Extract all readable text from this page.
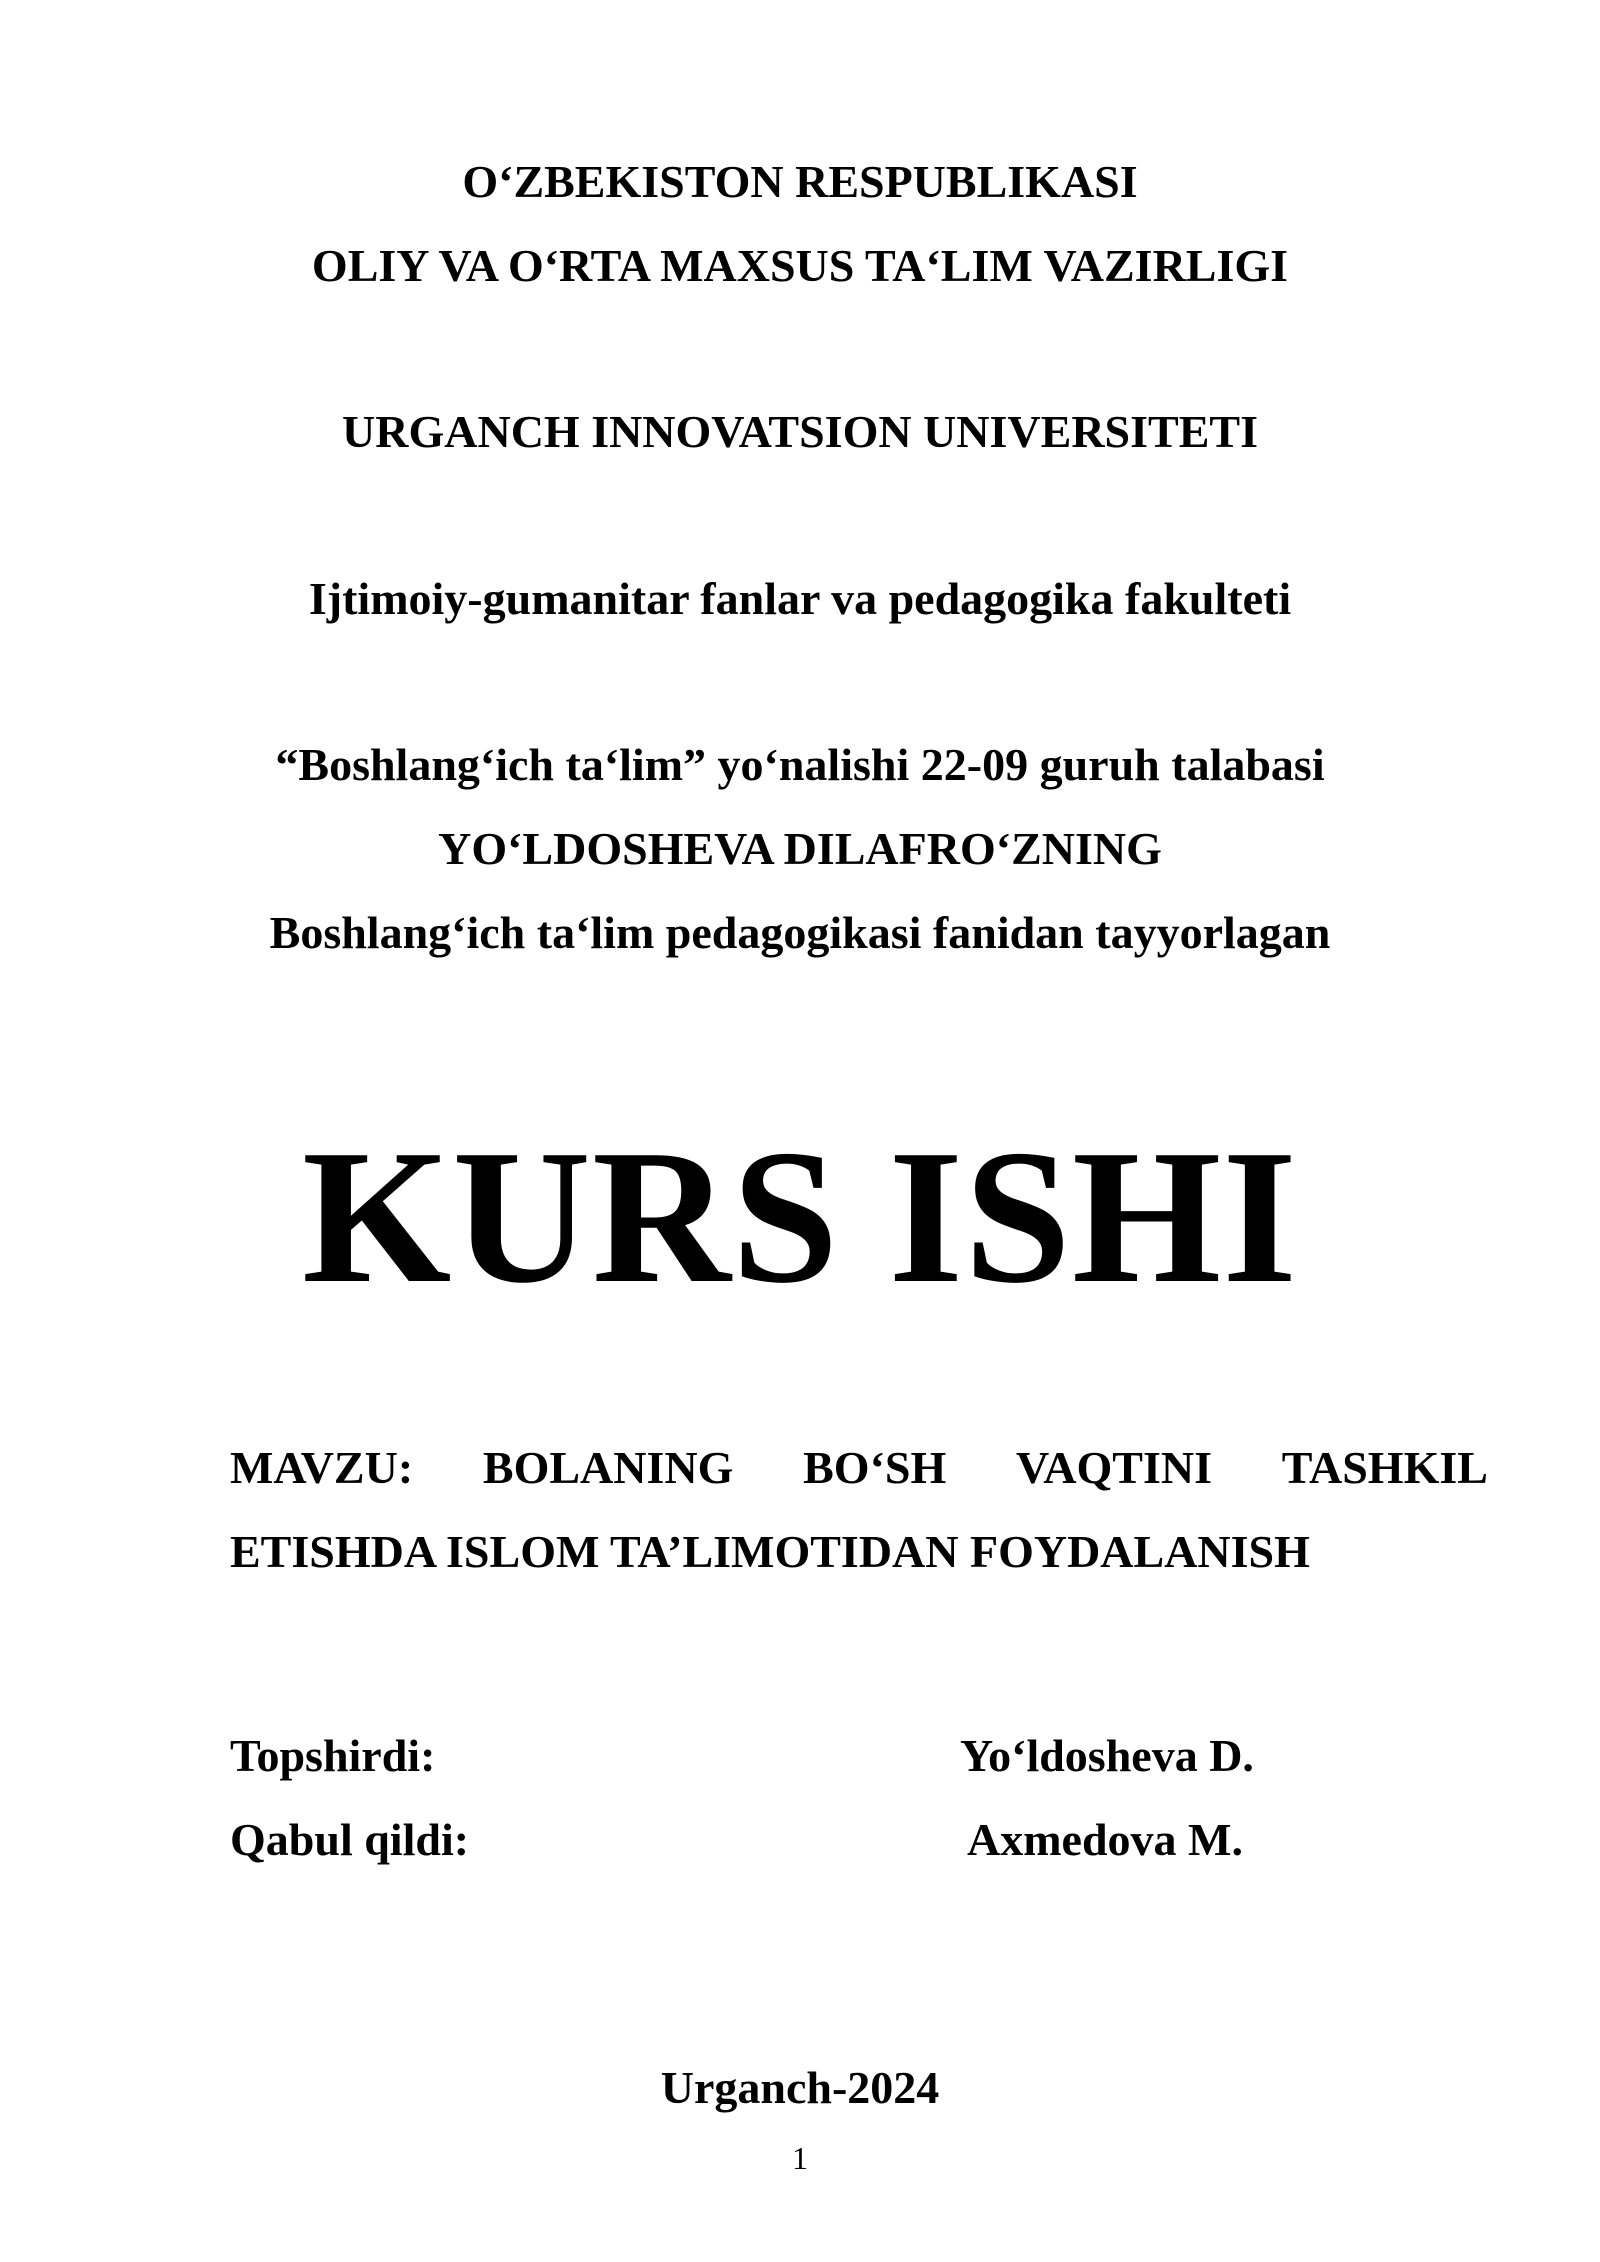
O‘ZBEKISTON RESPUBLIKASI
OLIY VA O‘RTA MAXSUS TA‘LIM VAZIRLIGI
URGANCH INNOVATSION UNIVERSITETI
Ijtimoiy-gumanitar fanlar va pedagogika fakulteti
“Boshlang‘ich ta‘lim” yo‘nalishi 22-09 guruh talabasi
YO‘LDOSHEVA DILAFRO‘ZNING
Boshlang‘ich ta‘lim pedagogikasi fanidan tayyorlagan
KURS ISHI
MAVZU: BOLANING BO‘SH VAQTINI TASHKIL
ETISHDA ISLOM TA’LIMOTIDAN FOYDALANISH
Topshirdi:	Yo‘ldosheva D.
Qabul qildi:	Axmedova M.
Urganch-2024
1
